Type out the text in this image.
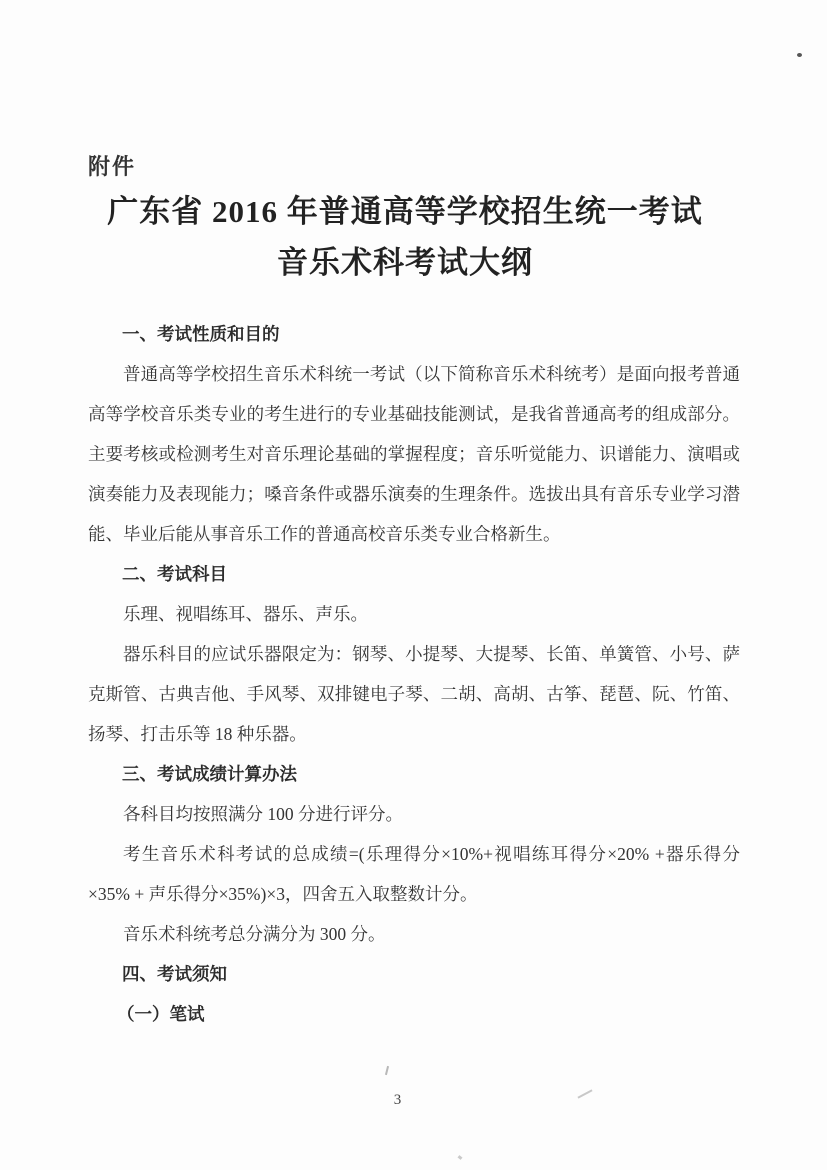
附件
广东省 2016 年普通高等学校招生统一考试
音乐术科考试大纲
一、考试性质和目的

普通高等学校招生音乐术科统一考试（以下简称音乐术科统考）是面向报考普通高等学校音乐类专业的考生进行的专业基础技能测试，是我省普通高考的组成部分。主要考核或检测考生对音乐理论基础的掌握程度；音乐听觉能力、识谱能力、演唱或演奏能力及表现能力；嗓音条件或器乐演奏的生理条件。选拔出具有音乐专业学习潜能、毕业后能从事音乐工作的普通高校音乐类专业合格新生。

二、考试科目

乐理、视唱练耳、器乐、声乐。

器乐科目的应试乐器限定为：钢琴、小提琴、大提琴、长笛、单簧管、小号、萨克斯管、古典吉他、手风琴、双排键电子琴、二胡、高胡、古筝、琵琶、阮、竹笛、扬琴、打击乐等 18 种乐器。

三、考试成绩计算办法

各科目均按照满分 100 分进行评分。

考生音乐术科考试的总成绩=(乐理得分×10%+视唱练耳得分×20% +器乐得分×35% + 声乐得分×35%)×3，四舍五入取整数计分。

音乐术科统考总分满分为 300 分。

四、考试须知
（一）笔试
3
